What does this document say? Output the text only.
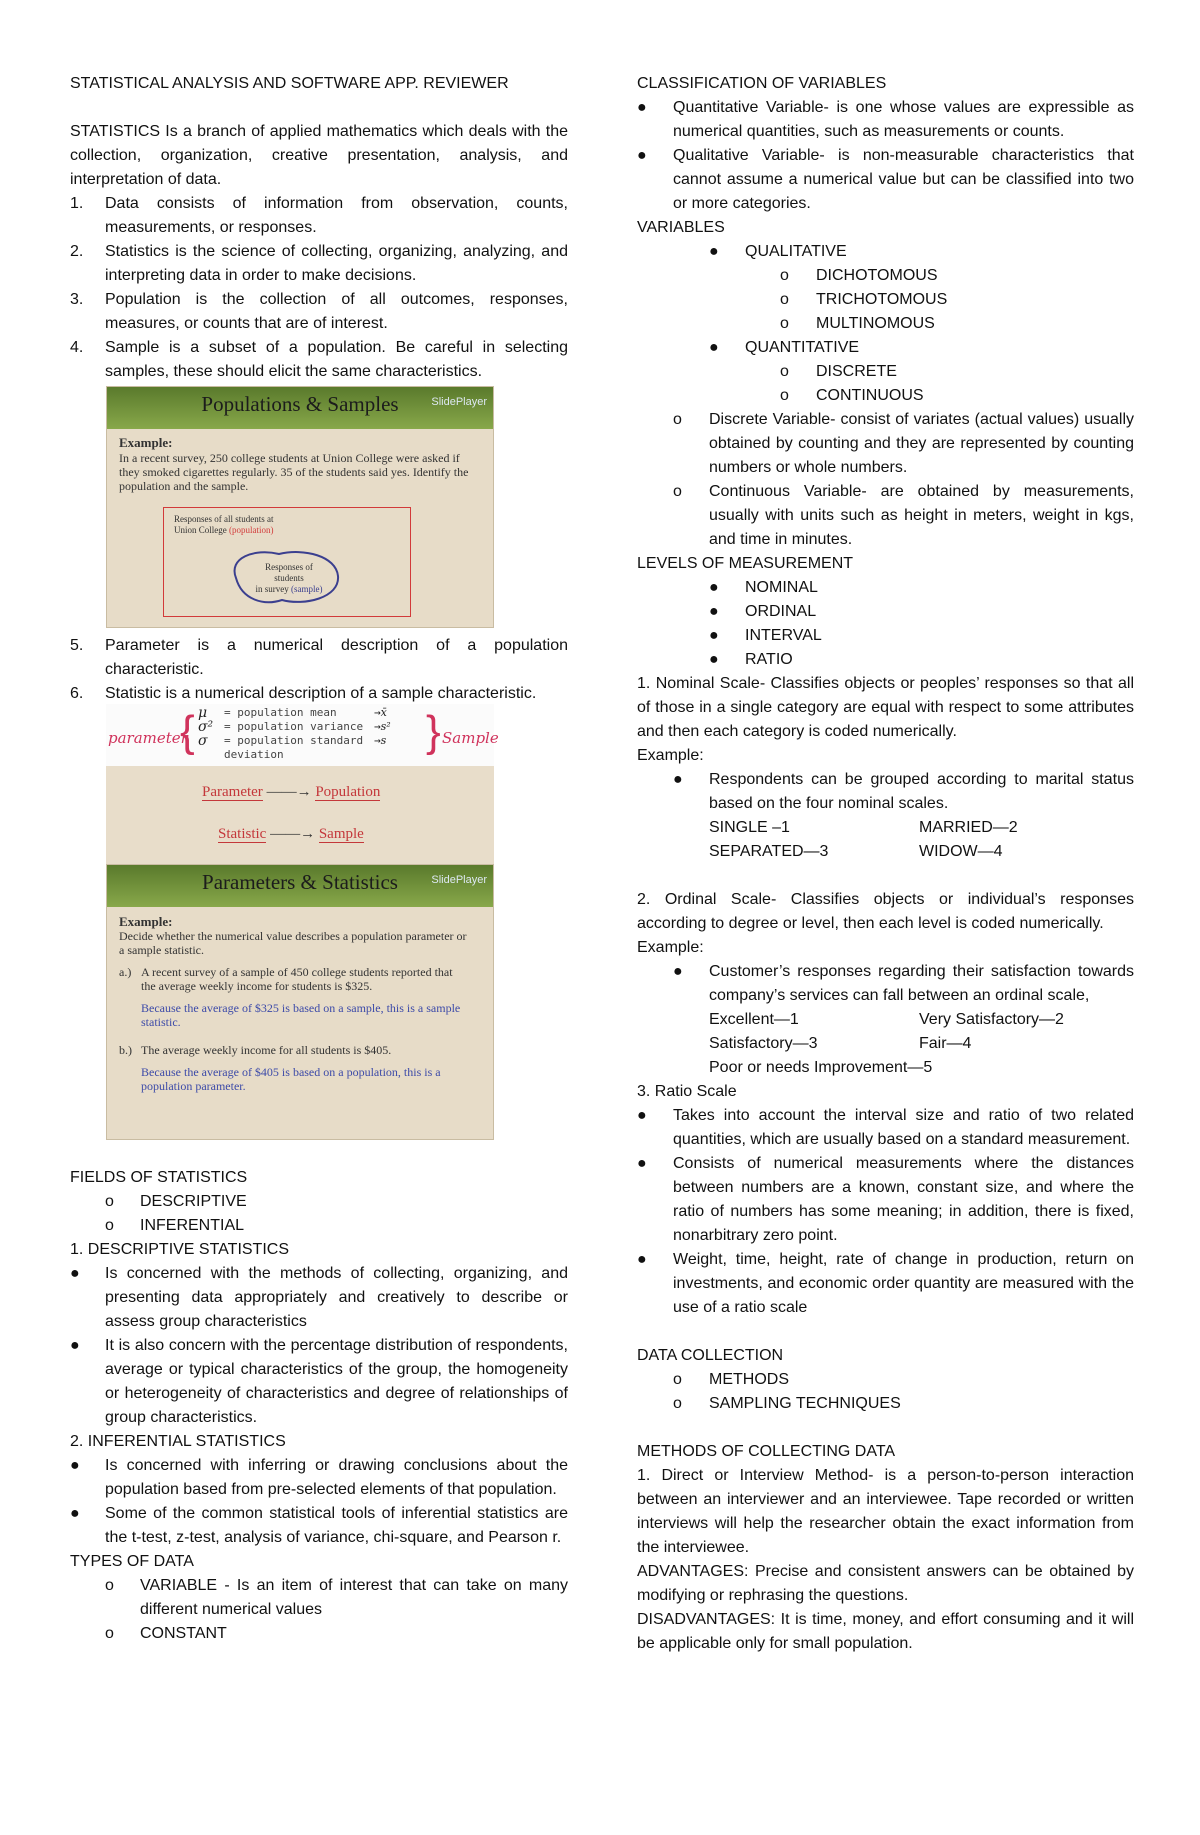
STATISTICAL ANALYSIS AND SOFTWARE APP. REVIEWER

STATISTICS Is a branch of applied mathematics which deals with the collection, organization, creative presentation, analysis, and interpretation of data.

1.	Data consists of information from observation, counts, measurements, or responses.
2.	Statistics is the science of collecting, organizing, analyzing, and interpreting data in order to make decisions.
3.	Population is the collection of all outcomes, responses, measures, or counts that are of interest.
4.	Sample is a subset of a population. Be careful in selecting samples, these should elicit the same characteristics.
Populations & Samples	SlidePlayer
Example:
In a recent survey, 250 college students at Union College were asked if they smoked cigarettes regularly. 35 of the students said yes. Identify the population and the sample.
Responses of all students at
Union College (population)
Responses of students
in survey (sample)
5.	Parameter is a numerical description of a population characteristic.
6.	Statistic is a numerical description of a sample characteristic.
parameter
{ μ	= population mean	→ x̄
σ² = population variance → s²
σ	= population standard → s
deviation	} Sample
Parameter ——→ Population
Statistic ——→ Sample
Parameters & Statistics	SlidePlayer
Example:
Decide whether the numerical value describes a population parameter or a sample statistic.
a.) A recent survey of a sample of 450 college students reported that the average weekly income for students is $325.
Because the average of $325 is based on a sample, this is a sample statistic.
b.) The average weekly income for all students is $405.
Because the average of $405 is based on a population, this is a population parameter.

FIELDS OF STATISTICS

o	DESCRIPTIVE
o	INFERENTIAL

1. DESCRIPTIVE STATISTICS

●	Is concerned with the methods of collecting, organizing, and presenting data appropriately and creatively to describe or assess group characteristics
●	It is also concern with the percentage distribution of respondents, average or typical characteristics of the group, the homogeneity or heterogeneity of characteristics and degree of relationships of group characteristics.

2. INFERENTIAL STATISTICS

●	Is concerned with inferring or drawing conclusions about the population based from pre-selected elements of that population.
●	Some of the common statistical tools of inferential statistics are the t-test, z-test, analysis of variance, chi-square, and Pearson r.

TYPES OF DATA

o	VARIABLE - Is an item of interest that can take on many different numerical values
o	CONSTANT

CLASSIFICATION OF VARIABLES

●	Quantitative Variable- is one whose values are expressible as numerical quantities, such as measurements or counts.
●	Qualitative Variable- is non-measurable characteristics that cannot assume a numerical value but can be classified into two or more categories.

VARIABLES

●	QUALITATIVE
o	DICHOTOMOUS
o	TRICHOTOMOUS
o	MULTINOMOUS
●	QUANTITATIVE
o	DISCRETE
o	CONTINUOUS
o	Discrete Variable- consist of variates (actual values) usually obtained by counting and they are represented by counting numbers or whole numbers.
o	Continuous Variable- are obtained by measurements, usually with units such as height in meters, weight in kgs, and time in minutes.

LEVELS OF MEASUREMENT

●	NOMINAL
●	ORDINAL
●	INTERVAL
●	RATIO

1. Nominal Scale- Classifies objects or peoples’ responses so that all of those in a single category are equal with respect to some attributes and then each category is coded numerically.

Example:

●	Respondents can be grouped according to marital status based on the four nominal scales.
SINGLE –1	MARRIED—2
SEPARATED—3	WIDOW—4

2. Ordinal Scale- Classifies objects or individual’s responses according to degree or level, then each level is coded numerically.

Example:

●	Customer’s responses regarding their satisfaction towards company’s services can fall between an ordinal scale,
Excellent—1	Very Satisfactory—2
Satisfactory—3	Fair—4
Poor or needs Improvement—5

3. Ratio Scale

●	Takes into account the interval size and ratio of two related quantities, which are usually based on a standard measurement.
●	Consists of numerical measurements where the distances between numbers are a known, constant size, and where the ratio of numbers has some meaning; in addition, there is fixed, nonarbitrary zero point.
●	Weight, time, height, rate of change in production, return on investments, and economic order quantity are measured with the use of a ratio scale

DATA COLLECTION

o	METHODS
o	SAMPLING TECHNIQUES

METHODS OF COLLECTING DATA

1. Direct or Interview Method- is a person-to-person interaction between an interviewer and an interviewee. Tape recorded or written interviews will help the researcher obtain the exact information from the interviewee.

ADVANTAGES: Precise and consistent answers can be obtained by modifying or rephrasing the questions.

DISADVANTAGES: It is time, money, and effort consuming and it will be applicable only for small population.
